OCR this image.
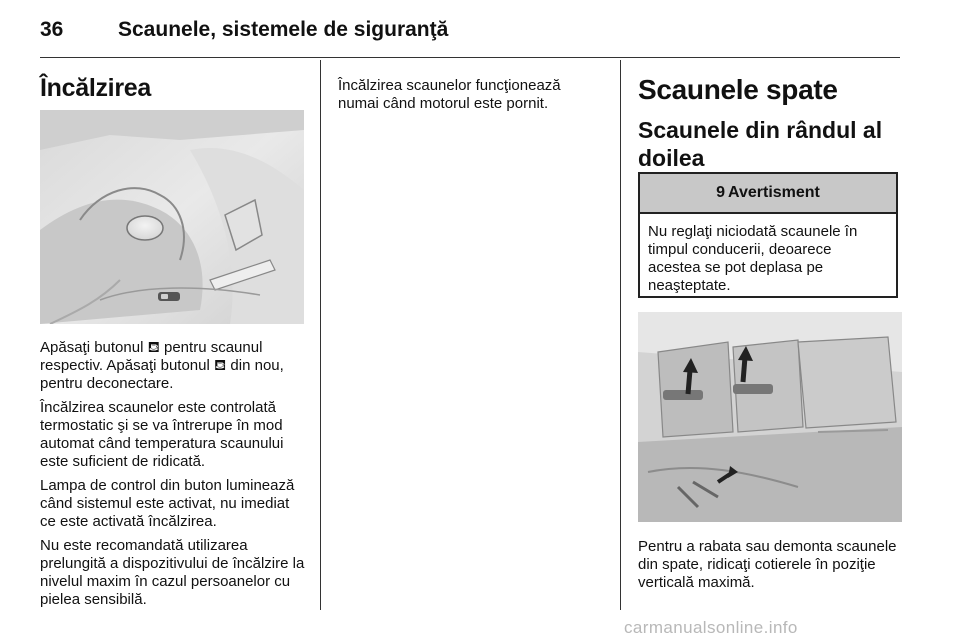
36	Scaunele, sistemele de siguranţă
Încălzirea

Apăsaţi butonul ⛾ pentru scaunul respectiv. Apăsaţi butonul ⛾ din nou, pentru deconectare.

Încălzirea scaunelor este controlată termostatic şi se va întrerupe în mod automat când temperatura scaunului este suficient de ridicată.

Lampa de control din buton luminează când sistemul este activat, nu imediat ce este activată încălzirea.

Nu este recomandată utilizarea prelungită a dispozitivului de încălzire la nivelul maxim în cazul persoanelor cu pielea sensibilă.

Încălzirea scaunelor funcţionează numai când motorul este pornit.	Scaunele spate
Scaunele din rândul al doilea
9 Avertisment
Nu reglaţi niciodată scaunele în timpul conducerii, deoarece acestea se pot deplasa pe neaşteptate.

Pentru a rabata sau demonta scaunele din spate, ridicaţi cotierele în poziţie verticală maximă.

carmanualsonline.info
